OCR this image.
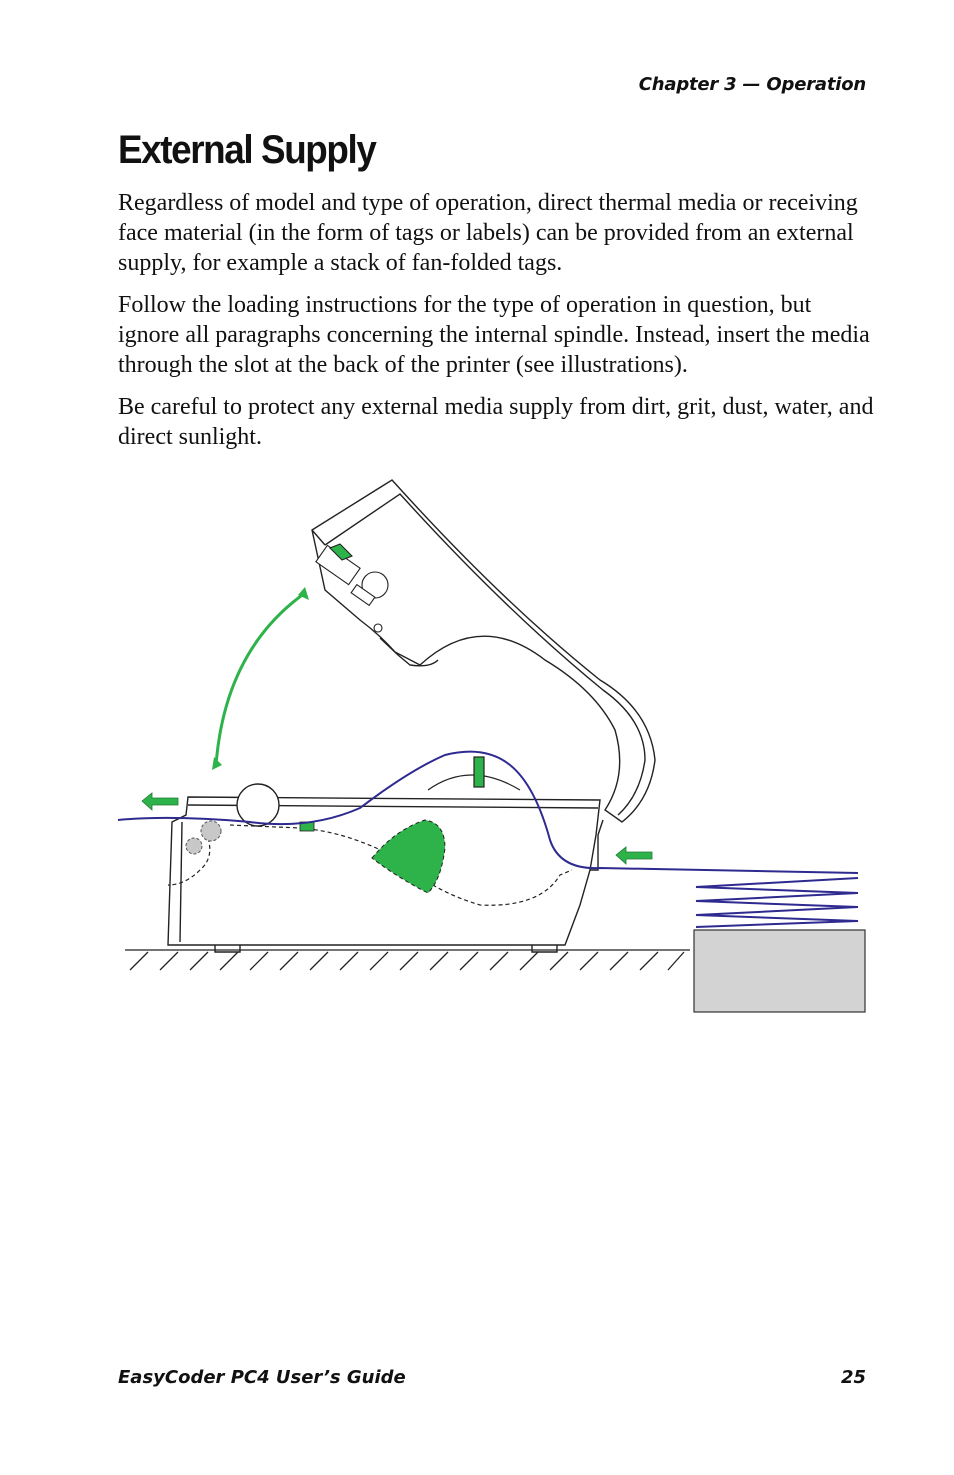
Chapter 3 — Operation
External Supply

Regardless of model and type of operation, direct thermal media or receiving face material (in the form of tags or labels) can be provided from an external supply, for example a stack of fan-folded tags.

Follow the loading instructions for the type of operation in question, but ignore all paragraphs concerning the internal spindle. Instead, insert the media through the slot at the back of the printer (see illustrations).

Be careful to protect any external media supply from dirt, grit, dust, water, and direct sunlight.

EasyCoder PC4 User’s Guide	25
